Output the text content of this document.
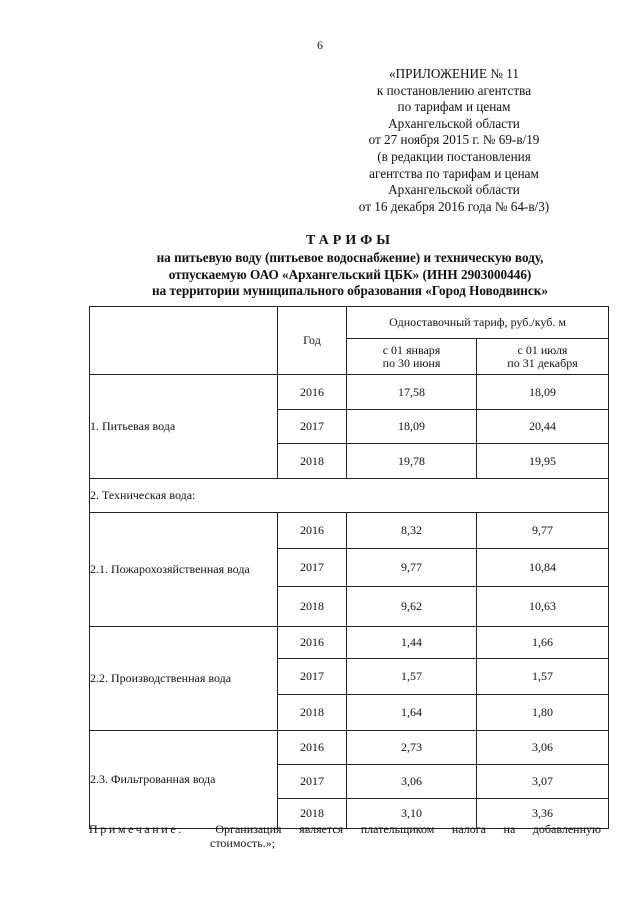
6
«ПРИЛОЖЕНИЕ № 11
к постановлению агентства
по тарифам и ценам
Архангельской области
от 27 ноября 2015 г. № 69-в/19
(в редакции постановления
агентства по тарифам и ценам
Архангельской области
от 16 декабря 2016 года № 64-в/3)
ТАРИФЫ
на питьевую воду (питьевое водоснабжение) и техническую воду,
отпускаемую ОАО «Архангельский ЦБК» (ИНН 2903000446)
на территории муниципального образования «Город Новодвинск»
	Год	Одноставочный тариф, руб./куб. м	

		с 01 января
по 30 июня	с 01 июля
по 31 декабря

1. Питьевая вода	2016	17,58	18,09
	2017	18,09	20,44
	2018	19,78	19,95
2. Техническая вода:			
2.1. Пожарохозяйственная вода	2016	8,32	9,77
	2017	9,77	10,84
	2018	9,62	10,63
2.2. Производственная вода	2016	1,44	1,66
	2017	1,57	1,57
	2018	1,64	1,80
2.3. Фильтрованная вода	2016	2,73	3,06
	2017	3,06	3,07
	2018	3,10	3,36
Примечание.	Организация является плательщиком налога на добавленную
стоимость.»;
